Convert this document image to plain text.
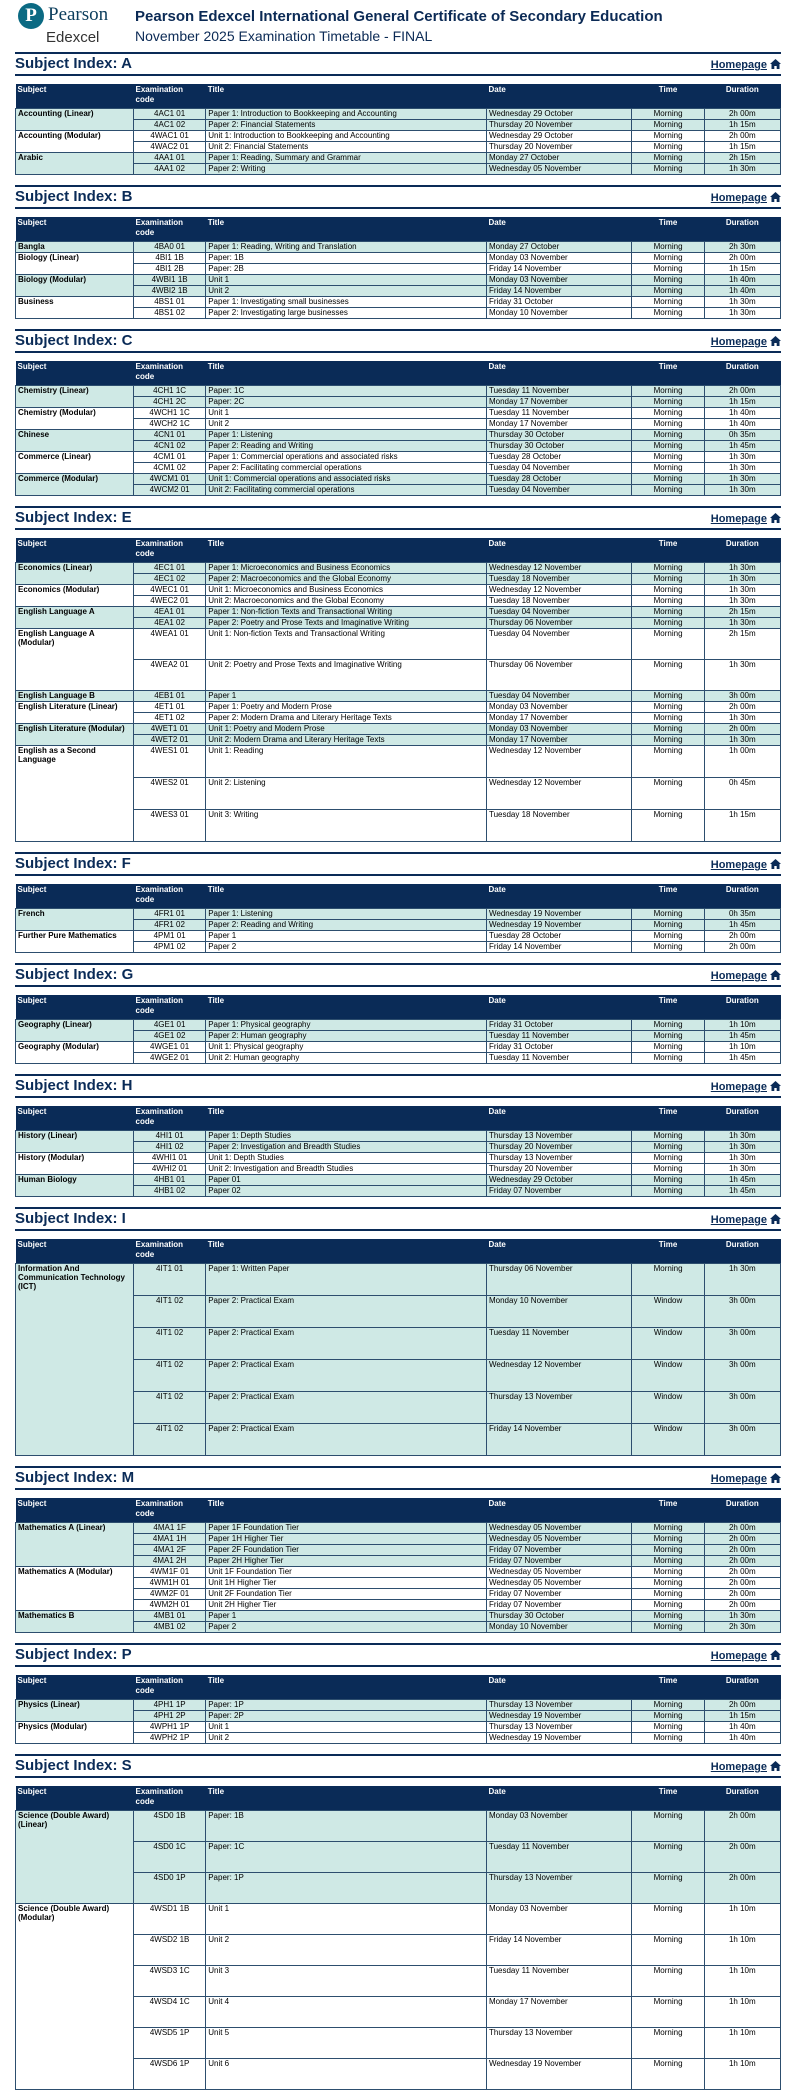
P Pearson
Edexcel
Pearson Edexcel International General Certificate of Secondary Education
November 2025 Examination Timetable - FINAL
Subject Index: A	Homepage
Subject	Examination code	Title	Date	Time	Duration
Accounting (Linear)	4AC1 01	Paper 1: Introduction to Bookkeeping and Accounting	Wednesday 29 October	Morning	2h 00m
	4AC1 02	Paper 2: Financial Statements	Thursday 20 November	Morning	1h 15m
Accounting (Modular)	4WAC1 01	Unit 1: Introduction to Bookkeeping and Accounting	Wednesday 29 October	Morning	2h 00m
	4WAC2 01	Unit 2: Financial Statements	Thursday 20 November	Morning	1h 15m
Arabic	4AA1 01	Paper 1: Reading, Summary and Grammar	Monday 27 October	Morning	2h 15m
	4AA1 02	Paper 2: Writing	Wednesday 05 November	Morning	1h 30m
Subject Index: B	Homepage
Subject	Examination code	Title	Date	Time	Duration
Bangla	4BA0 01	Paper 1: Reading, Writing and Translation	Monday 27 October	Morning	2h 30m
Biology (Linear)	4BI1 1B	Paper: 1B	Monday 03 November	Morning	2h 00m
	4BI1 2B	Paper: 2B	Friday 14 November	Morning	1h 15m
Biology (Modular)	4WBI1 1B	Unit 1	Monday 03 November	Morning	1h 40m
	4WBI2 1B	Unit 2	Friday 14 November	Morning	1h 40m
Business	4BS1 01	Paper 1: Investigating small businesses	Friday 31 October	Morning	1h 30m
	4BS1 02	Paper 2: Investigating large businesses	Monday 10 November	Morning	1h 30m
Subject Index: C	Homepage
Subject	Examination code	Title	Date	Time	Duration
Chemistry (Linear)	4CH1 1C	Paper: 1C	Tuesday 11 November	Morning	2h 00m
	4CH1 2C	Paper: 2C	Monday 17 November	Morning	1h 15m
Chemistry (Modular)	4WCH1 1C	Unit 1	Tuesday 11 November	Morning	1h 40m
	4WCH2 1C	Unit 2	Monday 17 November	Morning	1h 40m
Chinese	4CN1 01	Paper 1: Listening	Thursday 30 October	Morning	0h 35m
	4CN1 02	Paper 2: Reading and Writing	Thursday 30 October	Morning	1h 45m
Commerce (Linear)	4CM1 01	Paper 1: Commercial operations and associated risks	Tuesday 28 October	Morning	1h 30m
	4CM1 02	Paper 2: Facilitating commercial operations	Tuesday 04 November	Morning	1h 30m
Commerce (Modular)	4WCM1 01	Unit 1: Commercial operations and associated risks	Tuesday 28 October	Morning	1h 30m
	4WCM2 01	Unit 2: Facilitating commercial operations	Tuesday 04 November	Morning	1h 30m
Subject Index: E	Homepage
Subject	Examination code	Title	Date	Time	Duration
Economics (Linear)	4EC1 01	Paper 1: Microeconomics and Business Economics	Wednesday 12 November	Morning	1h 30m
	4EC1 02	Paper 2: Macroeconomics and the Global Economy	Tuesday 18 November	Morning	1h 30m
Economics (Modular)	4WEC1 01	Unit 1: Microeconomics and Business Economics	Wednesday 12 November	Morning	1h 30m
	4WEC2 01	Unit 2: Macroeconomics and the Global Economy	Tuesday 18 November	Morning	1h 30m
English Language A	4EA1 01	Paper 1: Non-fiction Texts and Transactional Writing	Tuesday 04 November	Morning	2h 15m
	4EA1 02	Paper 2: Poetry and Prose Texts and Imaginative Writing	Thursday 06 November	Morning	1h 30m
English Language A (Modular)	4WEA1 01	Unit 1: Non-fiction Texts and Transactional Writing	Tuesday 04 November	Morning	2h 15m
	4WEA2 01	Unit 2: Poetry and Prose Texts and Imaginative Writing	Thursday 06 November	Morning	1h 30m
English Language B	4EB1 01	Paper 1	Tuesday 04 November	Morning	3h 00m
English Literature (Linear)	4ET1 01	Paper 1: Poetry and Modern Prose	Monday 03 November	Morning	2h 00m
	4ET1 02	Paper 2: Modern Drama and Literary Heritage Texts	Monday 17 November	Morning	1h 30m
English Literature (Modular)	4WET1 01	Unit 1: Poetry and Modern Prose	Monday 03 November	Morning	2h 00m
	4WET2 01	Unit 2: Modern Drama and Literary Heritage Texts	Monday 17 November	Morning	1h 30m
English as a Second Language	4WES1 01	Unit 1: Reading	Wednesday 12 November	Morning	1h 00m
	4WES2 01	Unit 2: Listening	Wednesday 12 November	Morning	0h 45m
	4WES3 01	Unit 3: Writing	Tuesday 18 November	Morning	1h 15m
Subject Index: F	Homepage
Subject	Examination code	Title	Date	Time	Duration
French	4FR1 01	Paper 1: Listening	Wednesday 19 November	Morning	0h 35m
	4FR1 02	Paper 2: Reading and Writing	Wednesday 19 November	Morning	1h 45m
Further Pure Mathematics	4PM1 01	Paper 1	Tuesday 28 October	Morning	2h 00m
	4PM1 02	Paper 2	Friday 14 November	Morning	2h 00m
Subject Index: G	Homepage
Subject	Examination code	Title	Date	Time	Duration
Geography (Linear)	4GE1 01	Paper 1: Physical geography	Friday 31 October	Morning	1h 10m
	4GE1 02	Paper 2: Human geography	Tuesday 11 November	Morning	1h 45m
Geography (Modular)	4WGE1 01	Unit 1: Physical geography	Friday 31 October	Morning	1h 10m
	4WGE2 01	Unit 2: Human geography	Tuesday 11 November	Morning	1h 45m
Subject Index: H	Homepage
Subject	Examination code	Title	Date	Time	Duration
History (Linear)	4HI1 01	Paper 1: Depth Studies	Thursday 13 November	Morning	1h 30m
	4HI1 02	Paper 2: Investigation and Breadth Studies	Thursday 20 November	Morning	1h 30m
History (Modular)	4WHI1 01	Unit 1: Depth Studies	Thursday 13 November	Morning	1h 30m
	4WHI2 01	Unit 2: Investigation and Breadth Studies	Thursday 20 November	Morning	1h 30m
Human Biology	4HB1 01	Paper 01	Wednesday 29 October	Morning	1h 45m
	4HB1 02	Paper 02	Friday 07 November	Morning	1h 45m
Subject Index: I	Homepage
Subject	Examination code	Title	Date	Time	Duration
Information And Communication Technology (ICT)	4IT1 01	Paper 1: Written Paper	Thursday 06 November	Morning	1h 30m
	4IT1 02	Paper 2: Practical Exam	Monday 10 November	Window	3h 00m
	4IT1 02	Paper 2: Practical Exam	Tuesday 11 November	Window	3h 00m
	4IT1 02	Paper 2: Practical Exam	Wednesday 12 November	Window	3h 00m
	4IT1 02	Paper 2: Practical Exam	Thursday 13 November	Window	3h 00m
	4IT1 02	Paper 2: Practical Exam	Friday 14 November	Window	3h 00m
Subject Index: M	Homepage
Subject	Examination code	Title	Date	Time	Duration
Mathematics A (Linear)	4MA1 1F	Paper 1F Foundation Tier	Wednesday 05 November	Morning	2h 00m
	4MA1 1H	Paper 1H Higher Tier	Wednesday 05 November	Morning	2h 00m
	4MA1 2F	Paper 2F Foundation Tier	Friday 07 November	Morning	2h 00m
	4MA1 2H	Paper 2H Higher Tier	Friday 07 November	Morning	2h 00m
Mathematics A (Modular)	4WM1F 01	Unit 1F Foundation Tier	Wednesday 05 November	Morning	2h 00m
	4WM1H 01	Unit 1H Higher Tier	Wednesday 05 November	Morning	2h 00m
	4WM2F 01	Unit 2F Foundation Tier	Friday 07 November	Morning	2h 00m
	4WM2H 01	Unit 2H Higher Tier	Friday 07 November	Morning	2h 00m
Mathematics B	4MB1 01	Paper 1	Thursday 30 October	Morning	1h 30m
	4MB1 02	Paper 2	Monday 10 November	Morning	2h 30m
Subject Index: P	Homepage
Subject	Examination code	Title	Date	Time	Duration
Physics (Linear)	4PH1 1P	Paper: 1P	Thursday 13 November	Morning	2h 00m
	4PH1 2P	Paper: 2P	Wednesday 19 November	Morning	1h 15m
Physics (Modular)	4WPH1 1P	Unit 1	Thursday 13 November	Morning	1h 40m
	4WPH2 1P	Unit 2	Wednesday 19 November	Morning	1h 40m
Subject Index: S	Homepage
Subject	Examination code	Title	Date	Time	Duration
Science (Double Award) (Linear)	4SD0 1B	Paper: 1B	Monday 03 November	Morning	2h 00m
	4SD0 1C	Paper: 1C	Tuesday 11 November	Morning	2h 00m
	4SD0 1P	Paper: 1P	Thursday 13 November	Morning	2h 00m
Science (Double Award) (Modular)	4WSD1 1B	Unit 1	Monday 03 November	Morning	1h 10m
	4WSD2 1B	Unit 2	Friday 14 November	Morning	1h 10m
	4WSD3 1C	Unit 3	Tuesday 11 November	Morning	1h 10m
	4WSD4 1C	Unit 4	Monday 17 November	Morning	1h 10m
	4WSD5 1P	Unit 5	Thursday 13 November	Morning	1h 10m
	4WSD6 1P	Unit 6	Wednesday 19 November	Morning	1h 10m
